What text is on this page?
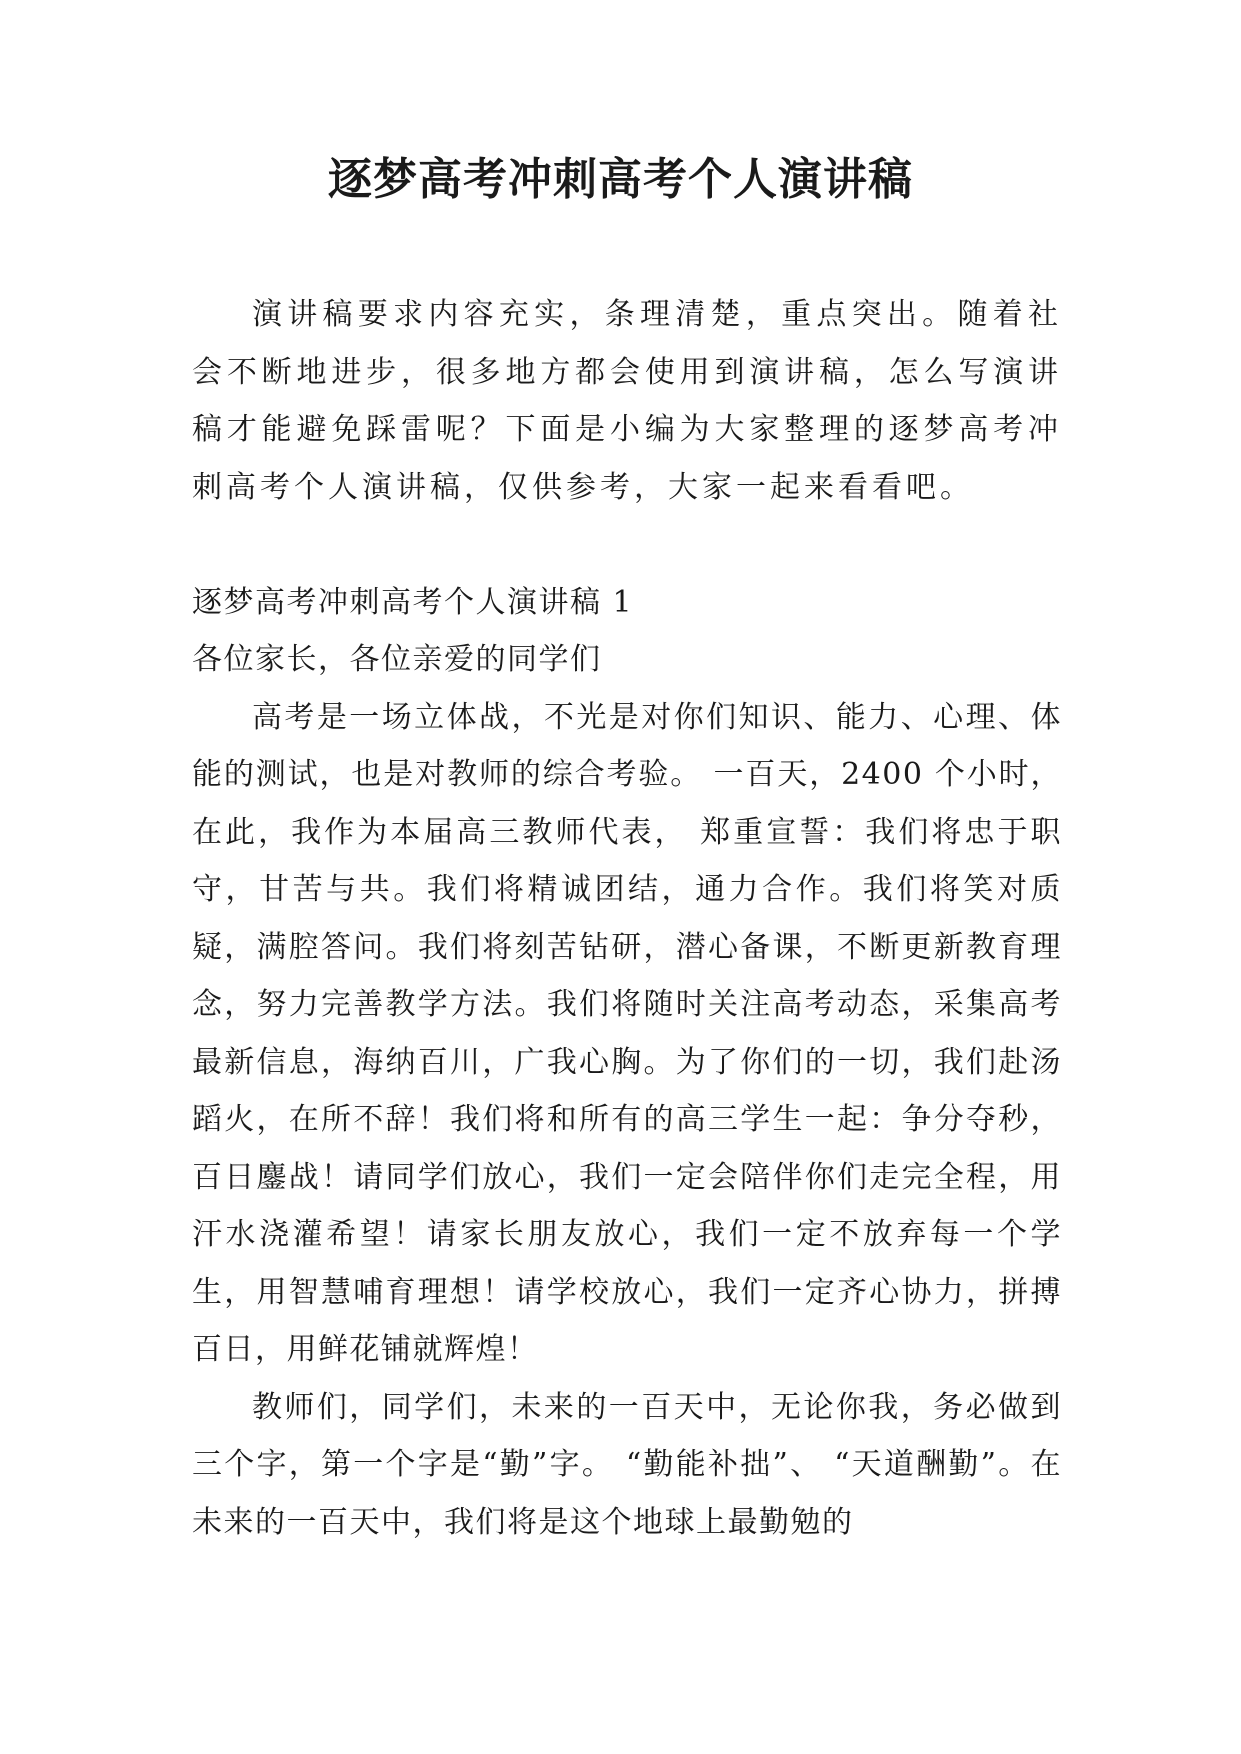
逐梦高考冲刺高考个人演讲稿

演讲稿要求内容充实，条理清楚，重点突出。随着社会不断地进步，很多地方都会使用到演讲稿，怎么写演讲稿才能避免踩雷呢？下面是小编为大家整理的逐梦高考冲刺高考个人演讲稿，仅供参考，大家一起来看看吧。

逐梦高考冲刺高考个人演讲稿 1

各位家长，各位亲爱的同学们

高考是一场立体战，不光是对你们知识、能力、心理、体能的测试，也是对教师的综合考验。 一百天，2400 个小时，在此，我作为本届高三教师代表， 郑重宣誓：我们将忠于职守，甘苦与共。我们将精诚团结，通力合作。我们将笑对质疑，满腔答问。我们将刻苦钻研，潜心备课，不断更新教育理念，努力完善教学方法。我们将随时关注高考动态，采集高考最新信息，海纳百川，广我心胸。为了你们的一切，我们赴汤蹈火，在所不辞！我们将和所有的高三学生一起：争分夺秒，百日鏖战！请同学们放心，我们一定会陪伴你们走完全程，用汗水浇灌希望！请家长朋友放心，我们一定不放弃每一个学生，用智慧哺育理想！请学校放心，我们一定齐心协力，拼搏百日，用鲜花铺就辉煌！

教师们，同学们，未来的一百天中，无论你我，务必做到三个字，第一个字是“勤”字。 “勤能补拙”、 “天道酬勤”。在未来的一百天中，我们将是这个地球上最勤勉的
